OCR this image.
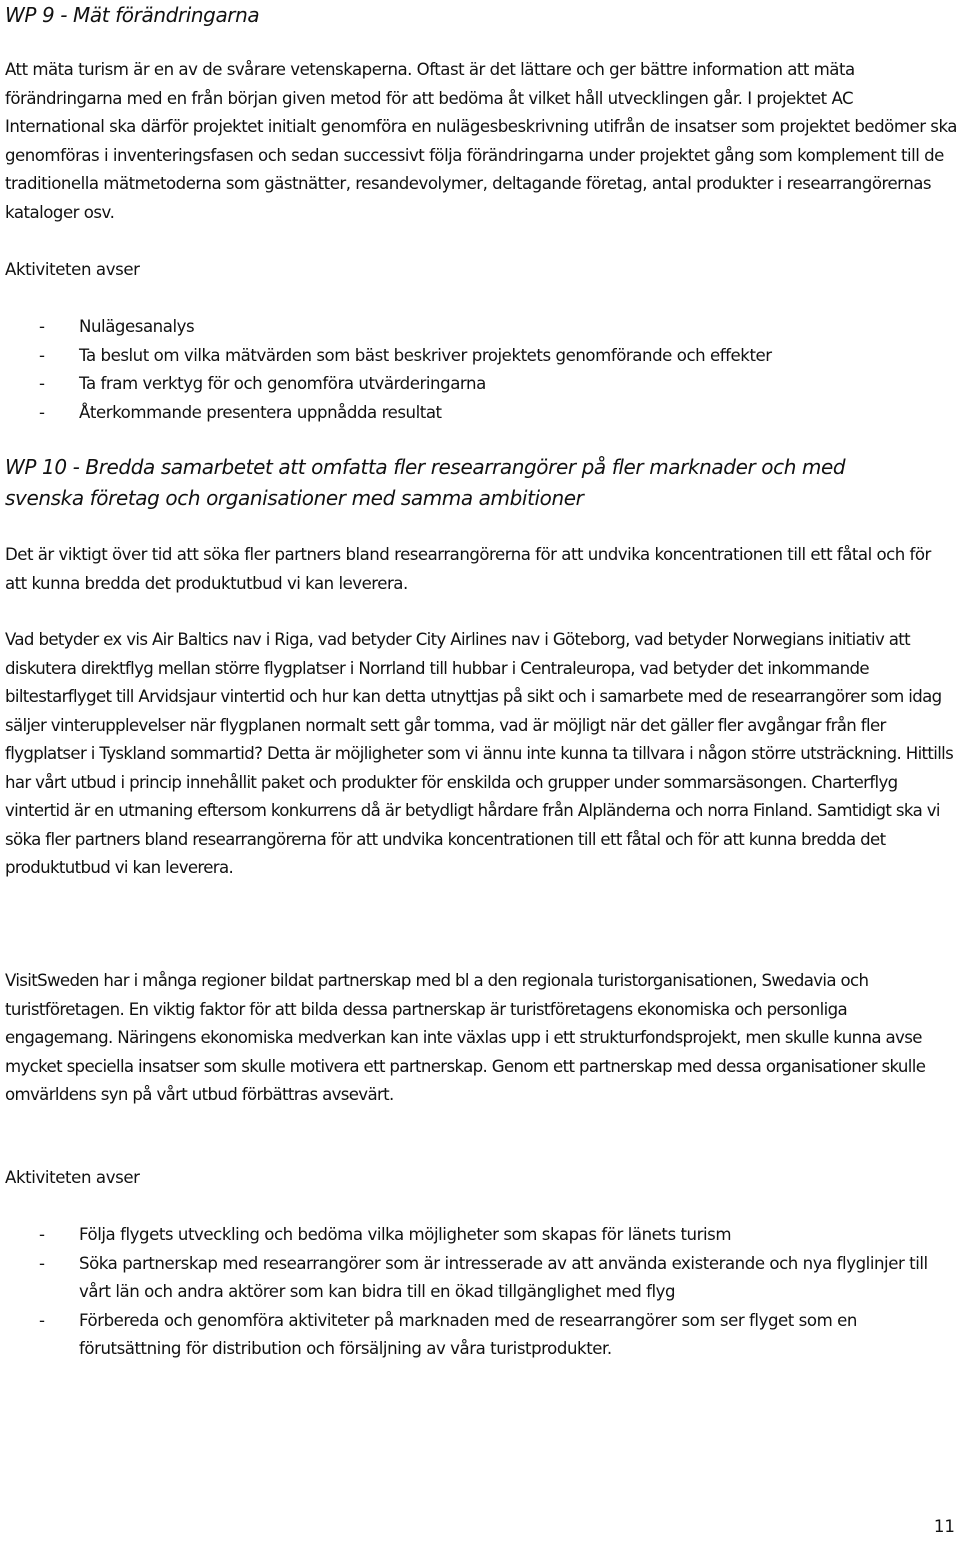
WP 9 - Mät förändringarna

Att mäta turism är en av de svårare vetenskaperna. Oftast är det lättare och ger bättre information att mäta förändringarna med en från början given metod för att bedöma åt vilket håll utvecklingen går. I projektet AC International ska därför projektet initialt genomföra en nulägesbeskrivning utifrån de insatser som projektet bedömer ska genomföras i inventeringsfasen och sedan successivt följa förändringarna under projektet gång som komplement till de traditionella mätmetoderna som gästnätter, resandevolymer, deltagande företag, antal produkter i researrangörernas kataloger osv.

Aktiviteten avser

- Nulägesanalys
- Ta beslut om vilka mätvärden som bäst beskriver projektets genomförande och effekter
- Ta fram verktyg för och genomföra utvärderingarna
- Återkommande presentera uppnådda resultat
WP 10 - Bredda samarbetet att omfatta fler researrangörer på fler marknader och med svenska företag och organisationer med samma ambitioner

Det är viktigt över tid att söka fler partners bland researrangörerna för att undvika koncentrationen till ett fåtal och för att kunna bredda det produktutbud vi kan leverera.

Vad betyder ex vis Air Baltics nav i Riga, vad betyder City Airlines nav i Göteborg, vad betyder Norwegians initiativ att diskutera direktflyg mellan större flygplatser i Norrland till hubbar i Centraleuropa, vad betyder det inkommande biltestarflyget till Arvidsjaur vintertid och hur kan detta utnyttjas på sikt och i samarbete med de researrangörer som idag säljer vinterupplevelser när flygplanen normalt sett går tomma, vad är möjligt när det gäller fler avgångar från fler flygplatser i Tyskland sommartid? Detta är möjligheter som vi ännu inte kunna ta tillvara i någon större utsträckning. Hittills har vårt utbud i princip innehållit paket och produkter för enskilda och grupper under sommarsäsongen. Charterflyg vintertid är en utmaning eftersom konkurrens då är betydligt hårdare från Alpländerna och norra Finland. Samtidigt ska vi söka fler partners bland researrangörerna för att undvika koncentrationen till ett fåtal och för att kunna bredda det produktutbud vi kan leverera.

VisitSweden har i många regioner bildat partnerskap med bl a den regionala turistorganisationen, Swedavia och turistföretagen. En viktig faktor för att bilda dessa partnerskap är turistföretagens ekonomiska och personliga engagemang. Näringens ekonomiska medverkan kan inte växlas upp i ett strukturfondsprojekt, men skulle kunna avse mycket speciella insatser som skulle motivera ett partnerskap. Genom ett partnerskap med dessa organisationer skulle omvärldens syn på vårt utbud förbättras avsevärt.

Aktiviteten avser

- Följa flygets utveckling och bedöma vilka möjligheter som skapas för länets turism
- Söka partnerskap med researrangörer som är intresserade av att använda existerande och nya flyglinjer till vårt län och andra aktörer som kan bidra till en ökad tillgänglighet med flyg
- Förbereda och genomföra aktiviteter på marknaden med de researrangörer som ser flyget som en förutsättning för distribution och försäljning av våra turistprodukter.

11
